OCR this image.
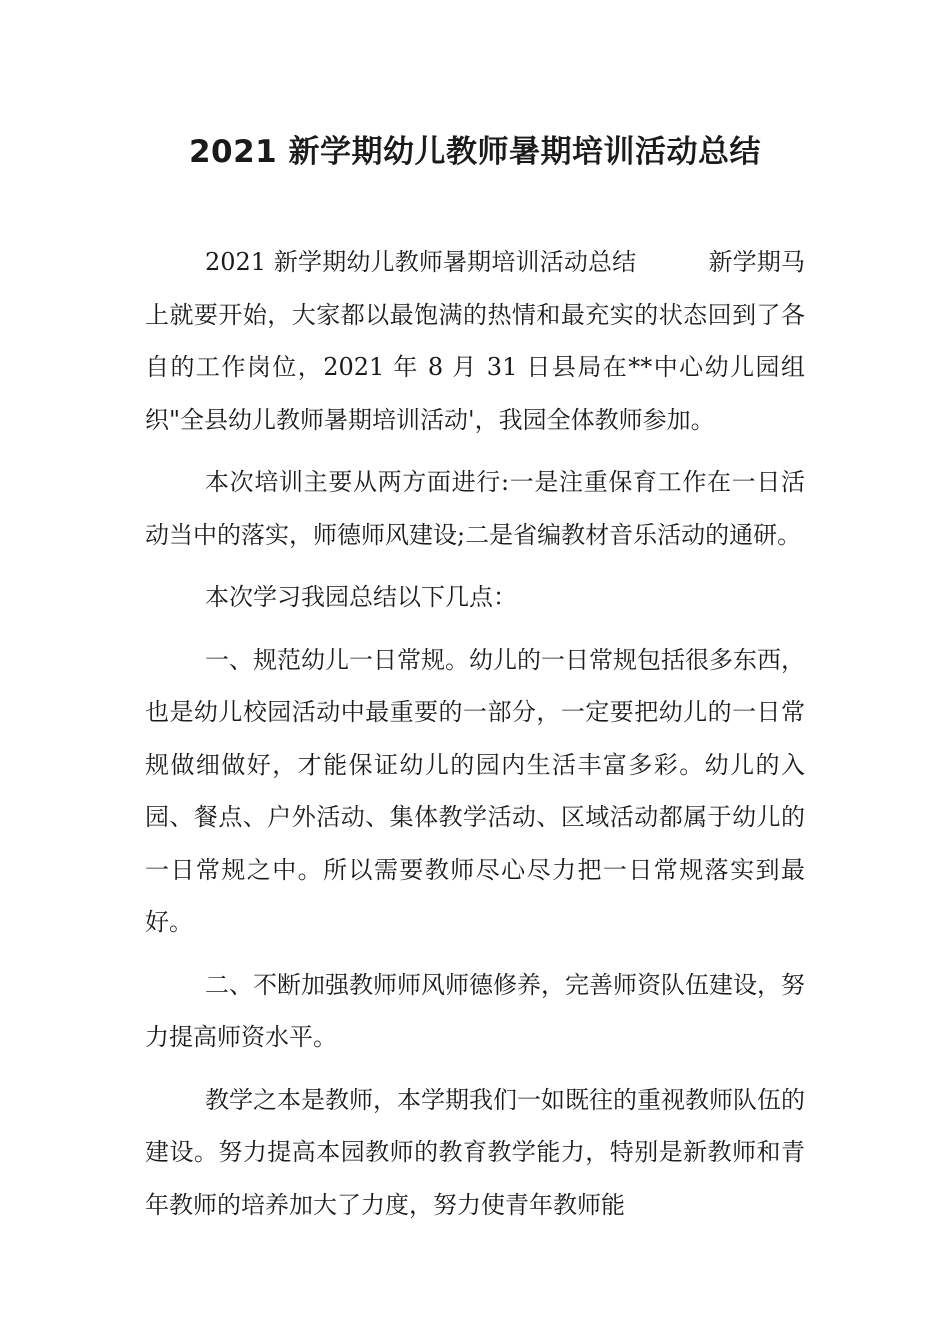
2021 新学期幼儿教师暑期培训活动总结

2021 新学期幼儿教师暑期培训活动总结	新学期马上就要开始，大家都以最饱满的热情和最充实的状态回到了各自的工作岗位，2021 年 8 月 31 日县局在**中心幼儿园组织"全县幼儿教师暑期培训活动'，我园全体教师参加。

本次培训主要从两方面进行:一是注重保育工作在一日活动当中的落实，师德师风建设;二是省编教材音乐活动的通研。

本次学习我园总结以下几点：

一、规范幼儿一日常规。幼儿的一日常规包括很多东西，也是幼儿校园活动中最重要的一部分，一定要把幼儿的一日常规做细做好，才能保证幼儿的园内生活丰富多彩。幼儿的入园、餐点、户外活动、集体教学活动、区域活动都属于幼儿的一日常规之中。所以需要教师尽心尽力把一日常规落实到最好。

二、不断加强教师师风师德修养，完善师资队伍建设，努力提高师资水平。

教学之本是教师，本学期我们一如既往的重视教师队伍的建设。努力提高本园教师的教育教学能力，特别是新教师和青年教师的培养加大了力度，努力使青年教师能
